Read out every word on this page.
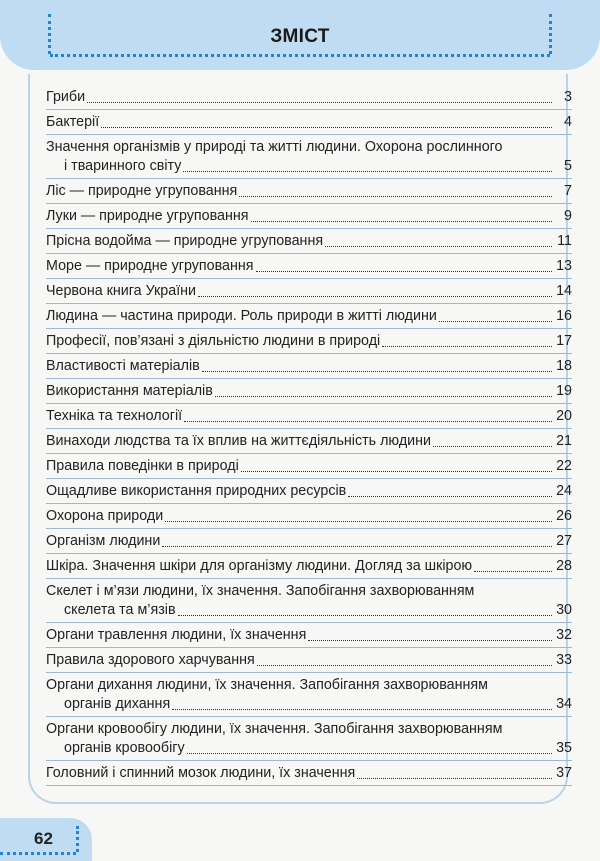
ЗМІСТ
Гриби	3
Бактерії	4
Значення організмів у природі та житті людини. Охорона рослинного
і тваринного світу	5
Ліс — природне угруповання	7
Луки — природне угруповання	9
Прісна водойма — природне угруповання	11
Море — природне угруповання	13
Червона книга України	14
Людина — частина природи. Роль природи в житті людини	16
Професії, пов’язані з діяльністю людини в природі	17
Властивості матеріалів	18
Використання матеріалів	19
Техніка та технології	20
Винаходи людства та їх вплив на життєдіяльність людини	21
Правила поведінки в природі	22
Ощадливе використання природних ресурсів	24
Охорона природи	26
Організм людини	27
Шкіра. Значення шкіри для організму людини. Догляд за шкірою	28
Скелет і м’язи людини, їх значення. Запобігання захворюванням
скелета та м’язів	30
Органи травлення людини, їх значення	32
Правила здорового харчування	33
Органи дихання людини, їх значення. Запобігання захворюванням
органів дихання	34
Органи кровообігу людини, їх значення. Запобігання захворюванням
органів кровообігу	35
Головний і спинний мозок людини, їх значення	37
62
